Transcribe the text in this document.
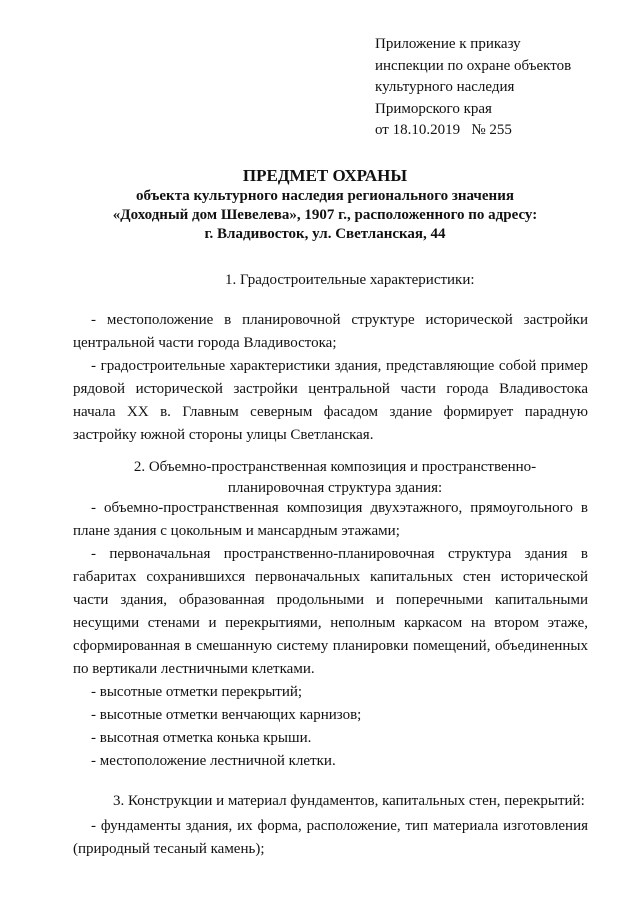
Приложение к приказу
инспекции по охране объектов
культурного наследия
Приморского края
от 18.10.2019   № 255
ПРЕДМЕТ ОХРАНЫ
объекта культурного наследия регионального значения
«Доходный дом Шевелева», 1907 г., расположенного по адресу:
г. Владивосток, ул. Светланская, 44
1. Градостроительные характеристики:
- местоположение в планировочной структуре исторической застройки
центральной части города Владивостока;
- градостроительные характеристики здания, представляющие собой пример
рядовой исторической застройки центральной части города Владивостока
начала XX в. Главным северным фасадом здание формирует парадную
застройку южной стороны улицы Светланская.
2. Объемно-пространственная композиция и пространственно-
планировочная структура здания:
- объемно-пространственная композиция двухэтажного, прямоугольного в
плане здания с цокольным и мансардным этажами;
- первоначальная пространственно-планировочная структура здания в
габаритах сохранившихся первоначальных капитальных стен исторической
части здания, образованная продольными и поперечными капитальными
несущими стенами и перекрытиями, неполным каркасом на втором этаже,
сформированная в смешанную систему планировки помещений, объединенных
по вертикали лестничными клетками.
- высотные отметки перекрытий;
- высотные отметки венчающих карнизов;
- высотная отметка конька крыши.
- местоположение лестничной клетки.
3. Конструкции и материал фундаментов, капитальных стен, перекрытий:
- фундаменты здания, их форма, расположение, тип материала изготовления
(природный тесаный камень);
